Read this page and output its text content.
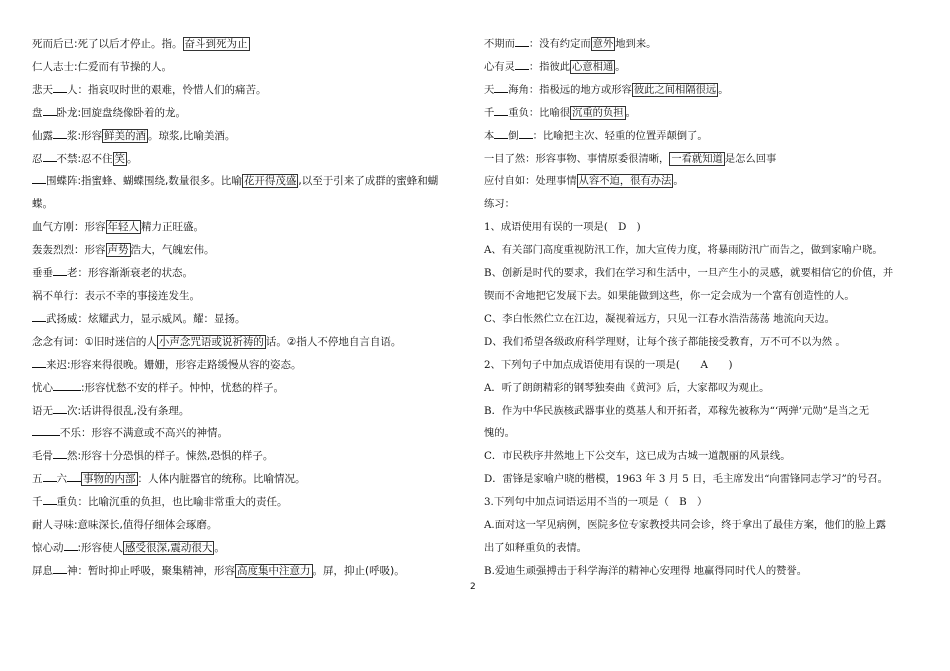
死而后已:死了以后才停止。指。 奋斗到死为止
仁人志士:仁爱而有节操的人。
悲天 人：指哀叹时世的艰难，怜惜人们的痛苦。
盘 卧龙:回旋盘绕像卧着的龙。
仙露 浆:形容 鲜美的酒 。琼浆,比喻美酒。
忍 不禁:忍不住 笑 。
围蝶阵:指蜜蜂、蝴蝶围绕,数量很多。比喻 花开得茂盛 ,以至于引来了成群的蜜蜂和蝴
蝶。
血气方刚：形容 年轻人 精力正旺盛。
轰轰烈烈：形容 声势 浩大，气魄宏伟。
垂垂 老：形容渐渐衰老的状态。
祸不单行：表示不幸的事接连发生。
武扬威：炫耀武力，显示威风。耀：显扬。
念念有词：①旧时迷信的人 小声念咒语或说祈祷的 话。②指人不停地自言自语。
来迟:形容来得很晚。姗姗，形容走路缓慢从容的姿态。
忧心	:形容忧愁不安的样子。忡忡，忧愁的样子。
语无 次:话讲得很乱,没有条理。
不乐：形容不满意或不高兴的神情。
毛骨 然:形容十分恐惧的样子。悚然,恐惧的样子。
五 六 事物的内部 ：人体内脏器官的统称。比喻情况。
千 重负：比喻沉重的负担，也比喻非常重大的责任。
耐人寻味:意味深长,值得仔细体会琢磨。
惊心动 :形容使人 感受很深,震动很大 。
屏息 神：暂时抑止呼吸，聚集精神，形容 高度集中注意力 。屏，抑止(呼吸)。
不期而 ：没有约定而 意外 地到来。
心有灵 ：指彼此 心意相通 。
天 海角：指极远的地方或形容 彼此之间相隔很远 。
千 重负：比喻很 沉重的负担 。
本 倒 ：比喻把主次、轻重的位置弄颠倒了。
一目了然：形容事物、事情原委很清晰， 一看就知道 是怎么回事
应付自如：处理事情 从容不迫，很有办法 。
练习：
1、成语使用有误的一项是(　D　)
A、有关部门高度重视防汛工作，加大宣传力度，将暴雨防汛广而告之，做到家喻户晓。
B、创新是时代的要求，我们在学习和生活中，一旦产生小的灵感，就要相信它的价值，并
锲而不舍地把它发展下去。如果能做到这些，你一定会成为一个富有创造性的人。
C、李白怅然伫立在江边，凝视着远方，只见一江春水浩浩荡荡 地流向天边。
D、我们希望各级政府科学理财，让每个孩子都能接受教育，万不可不以为然 。
2、下列句子中加点成语使用有误的一项是(　　A　　)
A．听了朗朗精彩的钢琴独奏曲《黄河》后，大家都叹为观止。
B．作为中华民族核武器事业的奠基人和开拓者，邓稼先被称为“‘两弹’元勋”是当之无
愧的。
C．市民秩序井然地上下公交车，这已成为古城一道靓丽的风景线。
D．雷锋是家喻户晓的楷模，1963 年 3 月 5 日，毛主席发出“向雷锋同志学习”的号召。
3.下列句中加点词语运用不当的一项是（　B　）
A.面对这一罕见病例，医院多位专家教授共同会诊，终于拿出了最佳方案，他们的脸上露
出了如释重负的表情。
B.爱迪生顽强搏击于科学海洋的精神心安理得 地赢得同时代人的赞誉。
2
